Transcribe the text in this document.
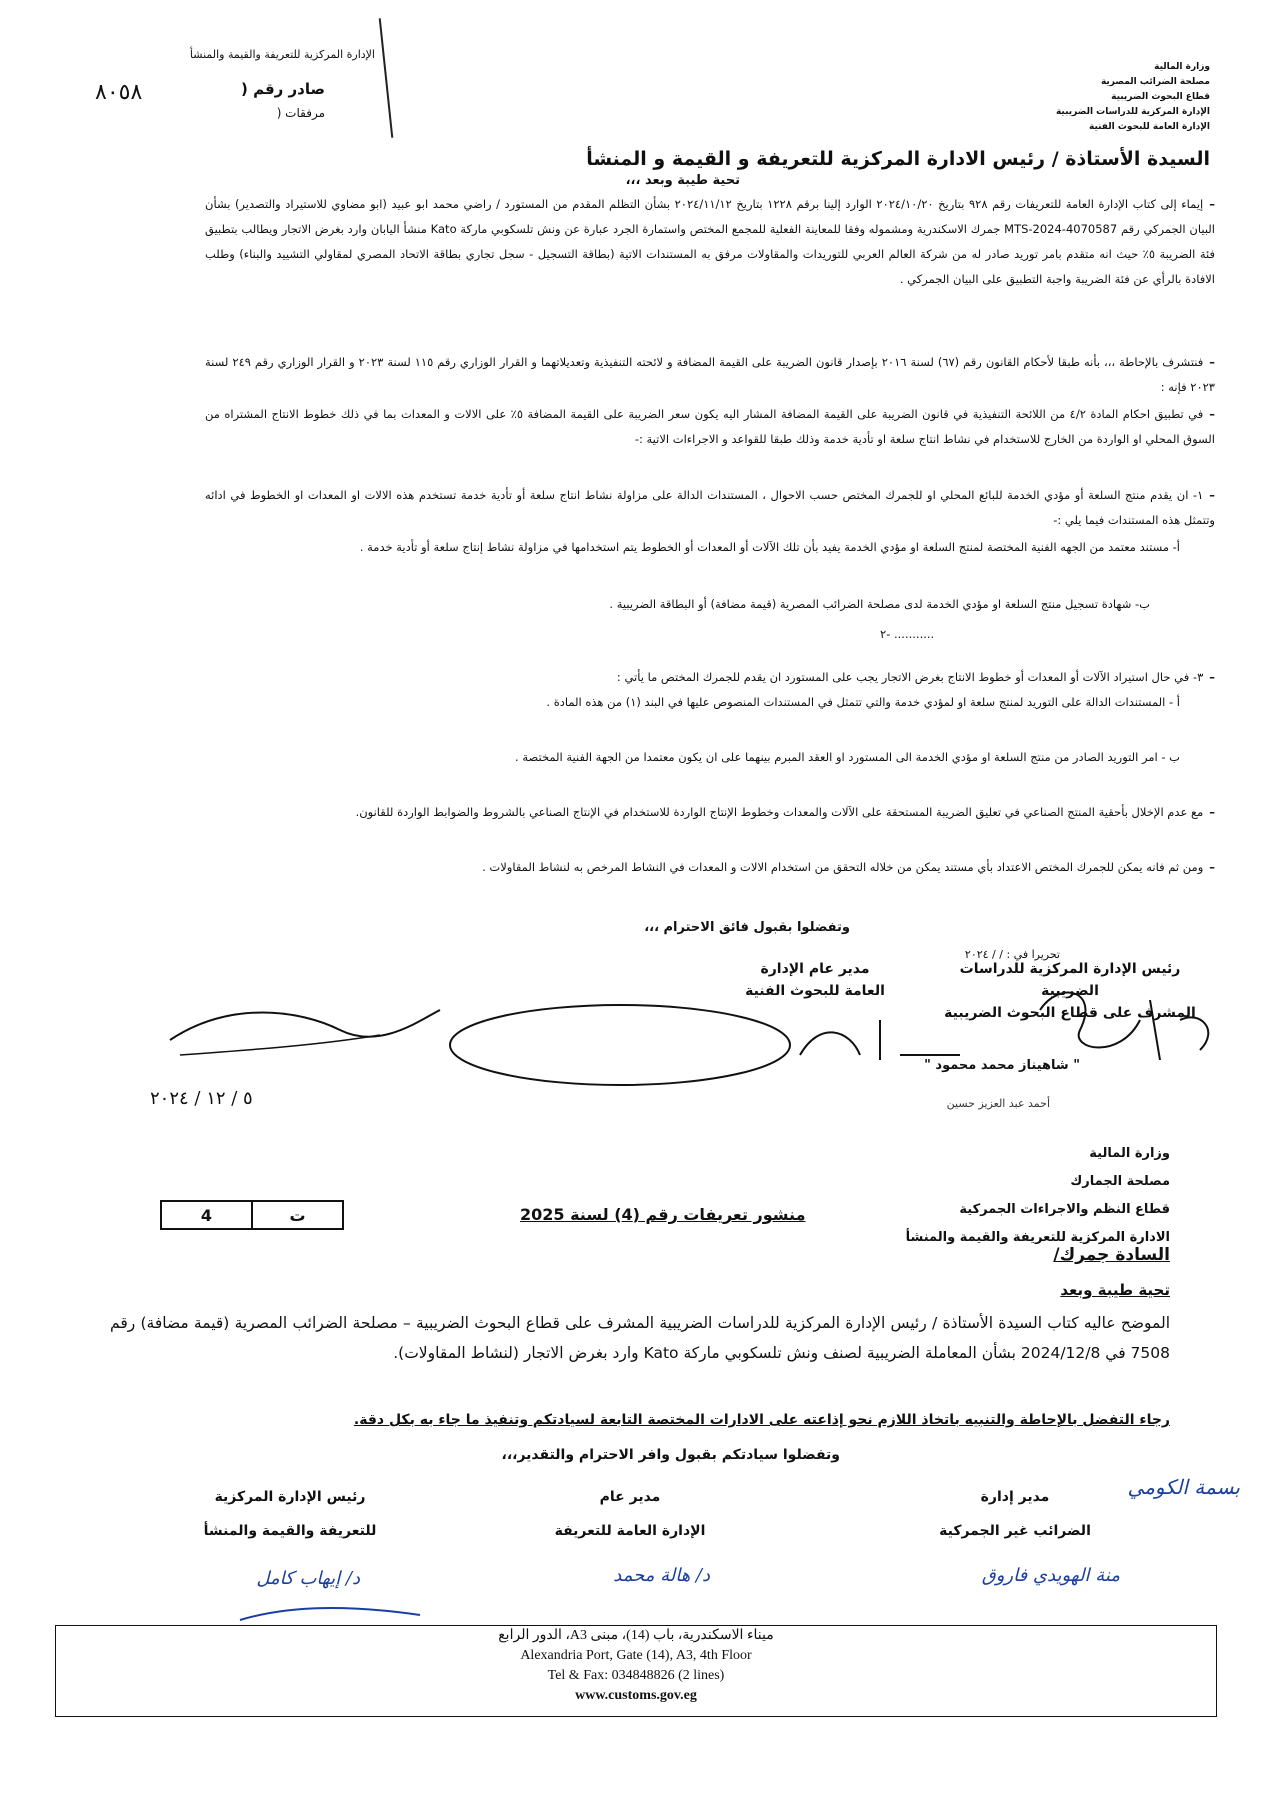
الإدارة المركزية للتعريفة والقيمة والمنشأ
صادر رقم (
مرفقات (
٨٠٥٨
وزارة المالية
مصلحة الضرائب المصرية
قطاع البحوث الضريبية
الإدارة المركزية للدراسات الضريبية
الإدارة العامة للبحوث الفنية
السيدة الأستاذة / رئيس الادارة المركزية للتعريفة و القيمة و المنشأ
تحية طيبة وبعد ،،،
–إيماء إلى كتاب الإدارة العامة للتعريفات رقم ٩٢٨ بتاريخ ٢٠٢٤/١٠/٢٠ الوارد إلينا برقم ١٢٢٨ بتاريخ ٢٠٢٤/١١/١٢ بشأن التظلم المقدم من المستورد / راضي محمد ابو عبيد (ابو مضاوي للاستيراد والتصدير) بشأن البيان الجمركي رقم MTS-2024-4070587 جمرك الاسكندرية ومشموله وفقا للمعاينة الفعلية للمجمع المختص واستمارة الجرد عبارة عن ونش تلسكوبي ماركة Kato منشأ اليابان وارد بغرض الاتجار ويطالب بتطبيق فئة الضريبة ٥٪ حيث انه متقدم بامر توريد صادر له من شركة العالم العربي للتوريدات والمقاولات مرفق به المستندات الاتية (بطاقة التسجيل - سجل تجاري بطاقة الاتحاد المصري لمقاولي التشييد والبناء) وطلب الافادة بالرأي عن فئة الضريبة واجبة التطبيق على البيان الجمركي .
–فنتشرف بالإحاطة ،،، بأنه طبقا لأحكام القانون رقم (٦٧) لسنة ٢٠١٦ بإصدار قانون الضريبة على القيمة المضافة و لائحته التنفيذية وتعديلاتهما و القرار الوزاري رقم ١١٥ لسنة ٢٠٢٣ و القرار الوزاري رقم ٢٤٩ لسنة ٢٠٢٣ فإنه :
–في تطبيق احكام المادة ٤/٢ من اللائحة التنفيذية في قانون الضريبة على القيمة المضافة المشار اليه يكون سعر الضريبة على القيمة المضافة ٥٪ على الالات و المعدات بما في ذلك خطوط الانتاج المشتراه من السوق المحلي او الواردة من الخارج للاستخدام في نشاط انتاج سلعة او تأدية خدمة وذلك طبقا للقواعد و الاجراءات الاتية :-
–١- ان يقدم منتج السلعة أو مؤدي الخدمة للبائع المحلي او للجمرك المختص حسب الاحوال ، المستندات الدالة على مزاولة نشاط انتاج سلعة أو تأدية خدمة تستخدم هذه الالات او المعدات او الخطوط في ادائه وتتمثل هذه المستندات فيما يلي :-
أ- مستند معتمد من الجهه الفنية المختصة لمنتج السلعة او مؤدي الخدمة يفيد بأن تلك الآلات أو المعدات أو الخطوط يتم استخدامها في مزاولة نشاط إنتاج سلعة أو تأدية خدمة .
ب- شهادة تسجيل منتج السلعة او مؤدي الخدمة لدى مصلحة الضرائب المصرية (قيمة مضافة) أو البطاقة الضريبية .
٢- ...........
–٣- في حال استيراد الآلات أو المعدات أو خطوط الانتاج بغرض الاتجار يجب على المستورد ان يقدم للجمرك المختص ما يأتي :
أ - المستندات الدالة على التوريد لمنتج سلعة او لمؤدي خدمة والتي تتمثل في المستندات المنصوص عليها في البند (١) من هذه المادة .
ب - امر التوريد الصادر من منتج السلعة او مؤدي الخدمة الى المستورد او العقد المبرم بينهما على ان يكون معتمدا من الجهة الفنية المختصة .
–مع عدم الإخلال بأحقية المنتج الصناعي في تعليق الضريبة المستحقة على الآلات والمعدات وخطوط الإنتاج الواردة للاستخدام في الإنتاج الصناعي بالشروط والضوابط الواردة للقانون.
–ومن ثم فانه يمكن للجمرك المختص الاعتداد بأي مستند يمكن من خلاله التحقق من استخدام الالات و المعدات في النشاط المرخص به لنشاط المقاولات .
وتفضلوا بقبول فائق الاحترام ،،،
تحريرا في : / / ٢٠٢٤
رئيس الإدارة المركزية للدراسات الضريبية
المشرف على قطاع البحوث الضريبية
مدير عام الإدارة
العامة للبحوث الفنية
" شاهيناز محمد محمود "
أحمد عبد العزيز حسين
٥ / ١٢ / ٢٠٢٤
وزارة المالية
مصلحة الجمارك
قطاع النظم والاجراءات الجمركية
الادارة المركزية للتعريفة والقيمة والمنشأ
4	ت	منشور تعريفات رقم (4) لسنة 2025
السادة جمرك/
تحية طيبة وبعد
الموضح عاليه كتاب السيدة الأستاذة / رئيس الإدارة المركزية للدراسات الضريبية المشرف على قطاع البحوث الضريبية – مصلحة الضرائب المصرية (قيمة مضافة) رقم 7508 في 2024/12/8 بشأن المعاملة الضريبية لصنف ونش تلسكوبي ماركة Kato وارد بغرض الاتجار (لنشاط المقاولات).
رجاء التفضل بالإحاطة والتنبيه باتخاذ اللازم نحو إذاعته على الادارات المختصة التابعة لسيادتكم وتنفيذ ما جاء به بكل دقة.
وتفضلوا سيادتكم بقبول وافر الاحترام والتقدير،،،
مدير إدارة
الضرائب غير الجمركية
مدير عام
الإدارة العامة للتعريفة
رئيس الإدارة المركزية
للتعريفة والقيمة والمنشأ
منة الهويدي فاروق
د/ هالة محمد
د/ إيهاب كامل
بسمة الكومي
ميناء الاسكندرية، باب (14)، مبنى A3، الدور الرابع
Alexandria Port, Gate (14), A3, 4th Floor
Tel & Fax: 034848826 (2 lines)
www.customs.gov.eg
